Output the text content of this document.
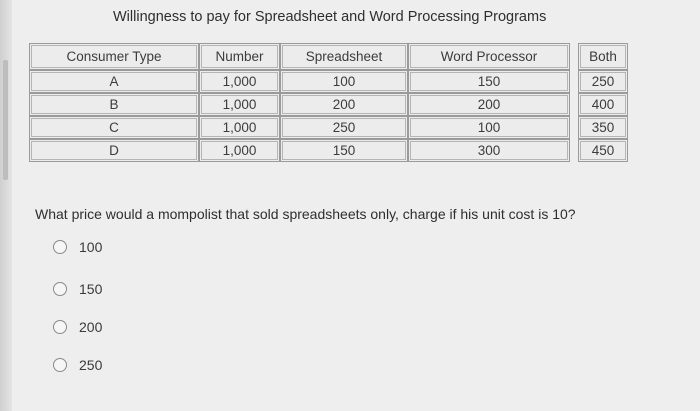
Willingness to pay for Spreadsheet and Word Processing Programs
Consumer Type	Number	Spreadsheet	Word Processor		Both

A	1,000	100	150		250

B	1,000	200	200		400

C	1,000	250	100		350

D	1,000	150	300		450
What price would a mompolist that sold spreadsheets only, charge if his unit cost is 10?
100
150
200
250
